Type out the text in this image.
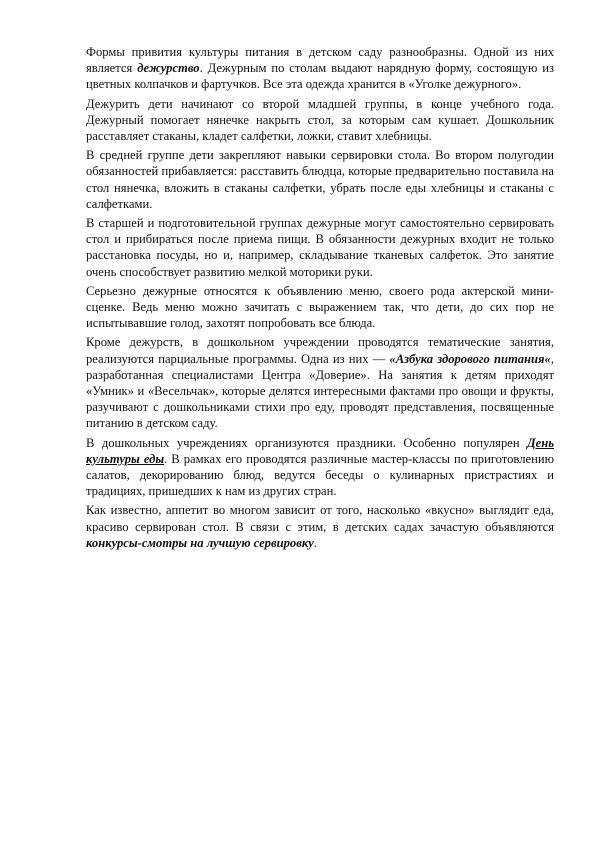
Формы привития культуры питания в детском саду разнообразны. Одной из них является дежурство. Дежурным по столам выдают нарядную форму, состоящую из цветных колпачков и фартучков. Все эта одежда хранится в «Уголке дежурного».

Дежурить дети начинают со второй младшей группы, в конце учебного года. Дежурный помогает нянечке накрыть стол, за которым сам кушает. Дошкольник расставляет стаканы, кладет салфетки, ложки, ставит хлебницы.

В средней группе дети закрепляют навыки сервировки стола. Во втором полугодии обязанностей прибавляется: расставить блюдца, которые предварительно поставила на стол нянечка, вложить в стаканы салфетки, убрать после еды хлебницы и стаканы с салфетками.

В старшей и подготовительной группах дежурные могут самостоятельно сервировать стол и прибираться после приема пищи. В обязанности дежурных входит не только расстановка посуды, но и, например, складывание тканевых салфеток. Это занятие очень способствует развитию мелкой моторики руки.

Серьезно дежурные относятся к объявлению меню, своего рода актерской мини-сценке. Ведь меню можно зачитать с выражением так, что дети, до сих пор не испытывавшие голод, захотят попробовать все блюда.

Кроме дежурств, в дошкольном учреждении проводятся тематические занятия, реализуются парциальные программы. Одна из них — «Азбука здорового питания«, разработанная специалистами Центра «Доверие». На занятия к детям приходят «Умник» и «Весельчак», которые делятся интересными фактами про овощи и фрукты, разучивают с дошкольниками стихи про еду, проводят представления, посвященные питанию в детском саду.

В дошкольных учреждениях организуются праздники. Особенно популярен День культуры еды. В рамках его проводятся различные мастер-классы по приготовлению салатов, декорированию блюд, ведутся беседы о кулинарных пристрастиях и традициях, пришедших к нам из других стран.

Как известно, аппетит во многом зависит от того, насколько «вкусно» выглядит еда, красиво сервирован стол. В связи с этим, в детских садах зачастую объявляются конкурсы-смотры на лучшую сервировку.
